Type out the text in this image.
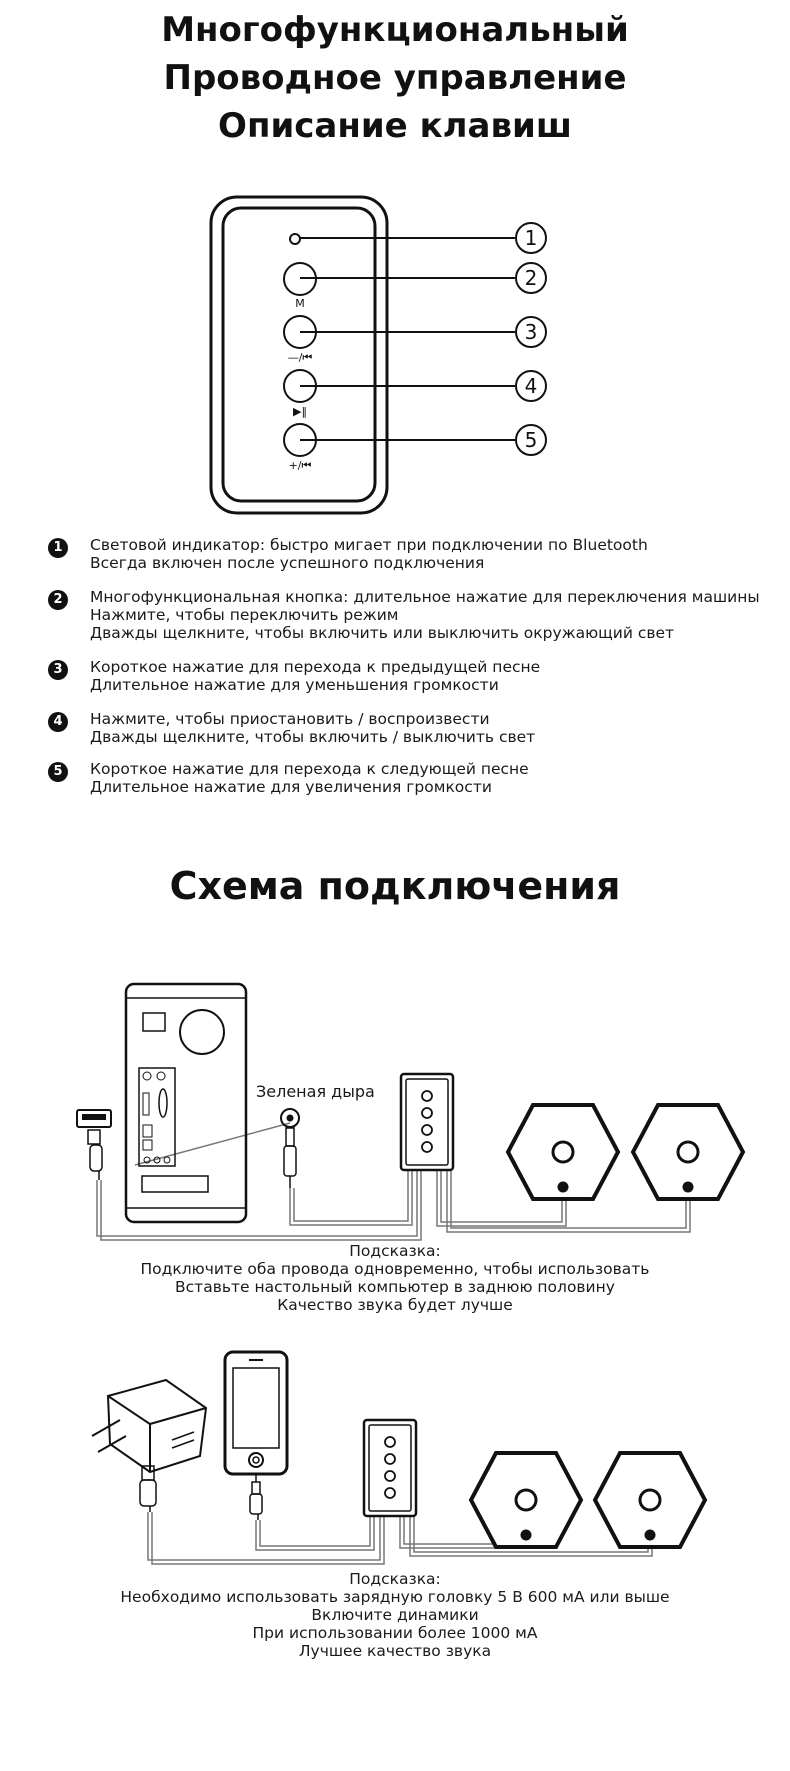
Многофункциональный
Проводное управление
Описание клавиш
1
2
3
4
5
M
—/⏮
▶‖
+/⏮
1	Световой индикатор: быстро мигает при подключении по Bluetooth
Всегда включен после успешного подключения
2	Многофункциональная кнопка: длительное нажатие для переключения машины
Нажмите, чтобы переключить режим
Дважды щелкните, чтобы включить или выключить окружающий свет
3	Короткое нажатие для перехода к предыдущей песне
Длительное нажатие для уменьшения громкости
4	Нажмите, чтобы приостановить / воспроизвести
Дважды щелкните, чтобы включить / выключить свет
5	Короткое нажатие для перехода к следующей песне
Длительное нажатие для увеличения громкости
Схема подключения
Зеленая дыра
Подсказка:
Подключите оба провода одновременно, чтобы использовать
Вставьте настольный компьютер в заднюю половину
Качество звука будет лучше
Подсказка:
Необходимо использовать зарядную головку 5 В 600 мА или выше
Включите динамики
При использовании более 1000 мА
Лучшее качество звука
